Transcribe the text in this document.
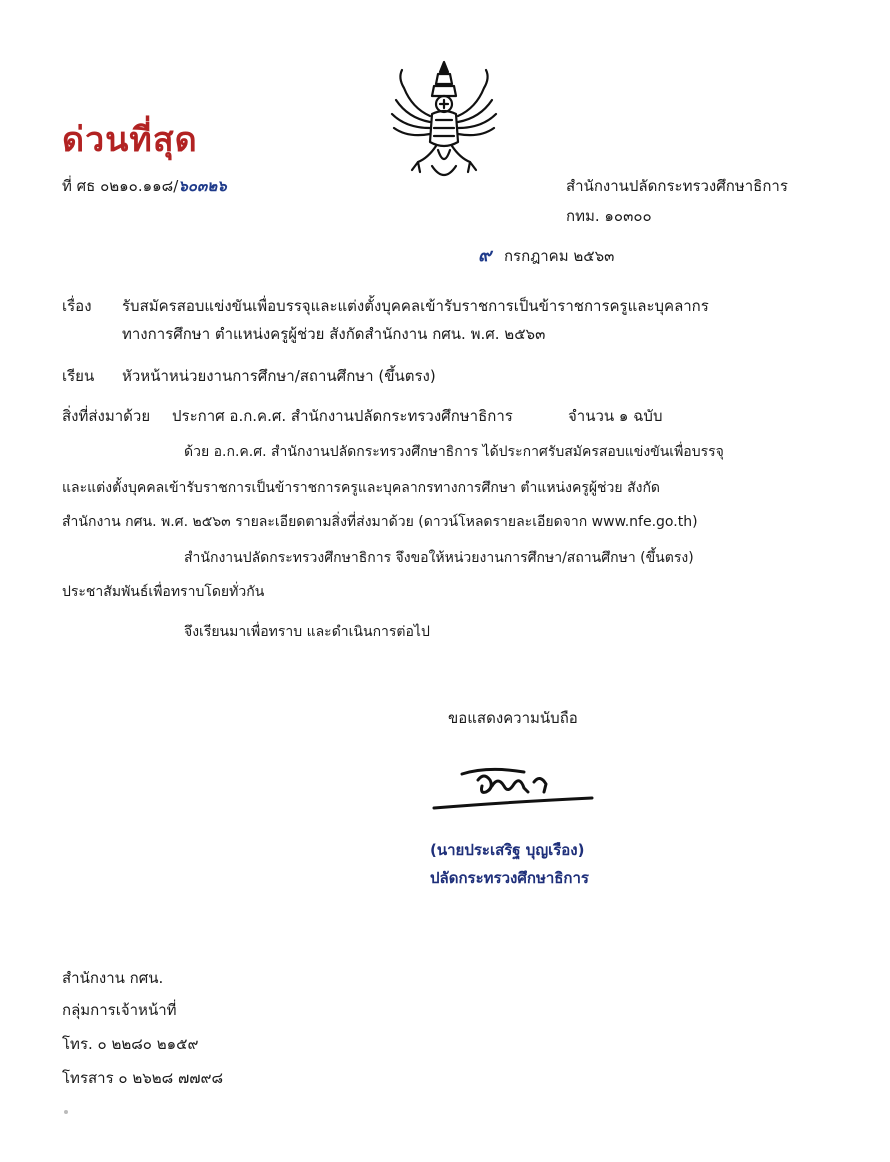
ด่วนที่สุด
ที่ ศธ ๐๒๑๐.๑๑๘/๖๐๓๒๖	สำนักงานปลัดกระทรวงศึกษาธิการ
กทม. ๑๐๓๐๐
๙ กรกฎาคม ๒๕๖๓
เรื่อง รับสมัครสอบแข่งขันเพื่อบรรจุและแต่งตั้งบุคคลเข้ารับราชการเป็นข้าราชการครูและบุคลากร
ทางการศึกษา ตำแหน่งครูผู้ช่วย สังกัดสำนักงาน กศน. พ.ศ. ๒๕๖๓
เรียน หัวหน้าหน่วยงานการศึกษา/สถานศึกษา (ขึ้นตรง)
สิ่งที่ส่งมาด้วย ประกาศ อ.ก.ค.ศ. สำนักงานปลัดกระทรวงศึกษาธิการ	จำนวน ๑ ฉบับ
ด้วย อ.ก.ค.ศ. สำนักงานปลัดกระทรวงศึกษาธิการ ได้ประกาศรับสมัครสอบแข่งขันเพื่อบรรจุ
และแต่งตั้งบุคคลเข้ารับราชการเป็นข้าราชการครูและบุคลากรทางการศึกษา ตำแหน่งครูผู้ช่วย สังกัด
สำนักงาน กศน. พ.ศ. ๒๕๖๓ รายละเอียดตามสิ่งที่ส่งมาด้วย (ดาวน์โหลดรายละเอียดจาก www.nfe.go.th)
สำนักงานปลัดกระทรวงศึกษาธิการ จึงขอให้หน่วยงานการศึกษา/สถานศึกษา (ขึ้นตรง)
ประชาสัมพันธ์เพื่อทราบโดยทั่วกัน
จึงเรียนมาเพื่อทราบ และดำเนินการต่อไป
ขอแสดงความนับถือ
(นายประเสริฐ บุญเรือง)
ปลัดกระทรวงศึกษาธิการ
สำนักงาน กศน.
กลุ่มการเจ้าหน้าที่
โทร. ๐ ๒๒๘๐ ๒๑๕๙
โทรสาร ๐ ๒๖๒๘ ๗๗๙๘
